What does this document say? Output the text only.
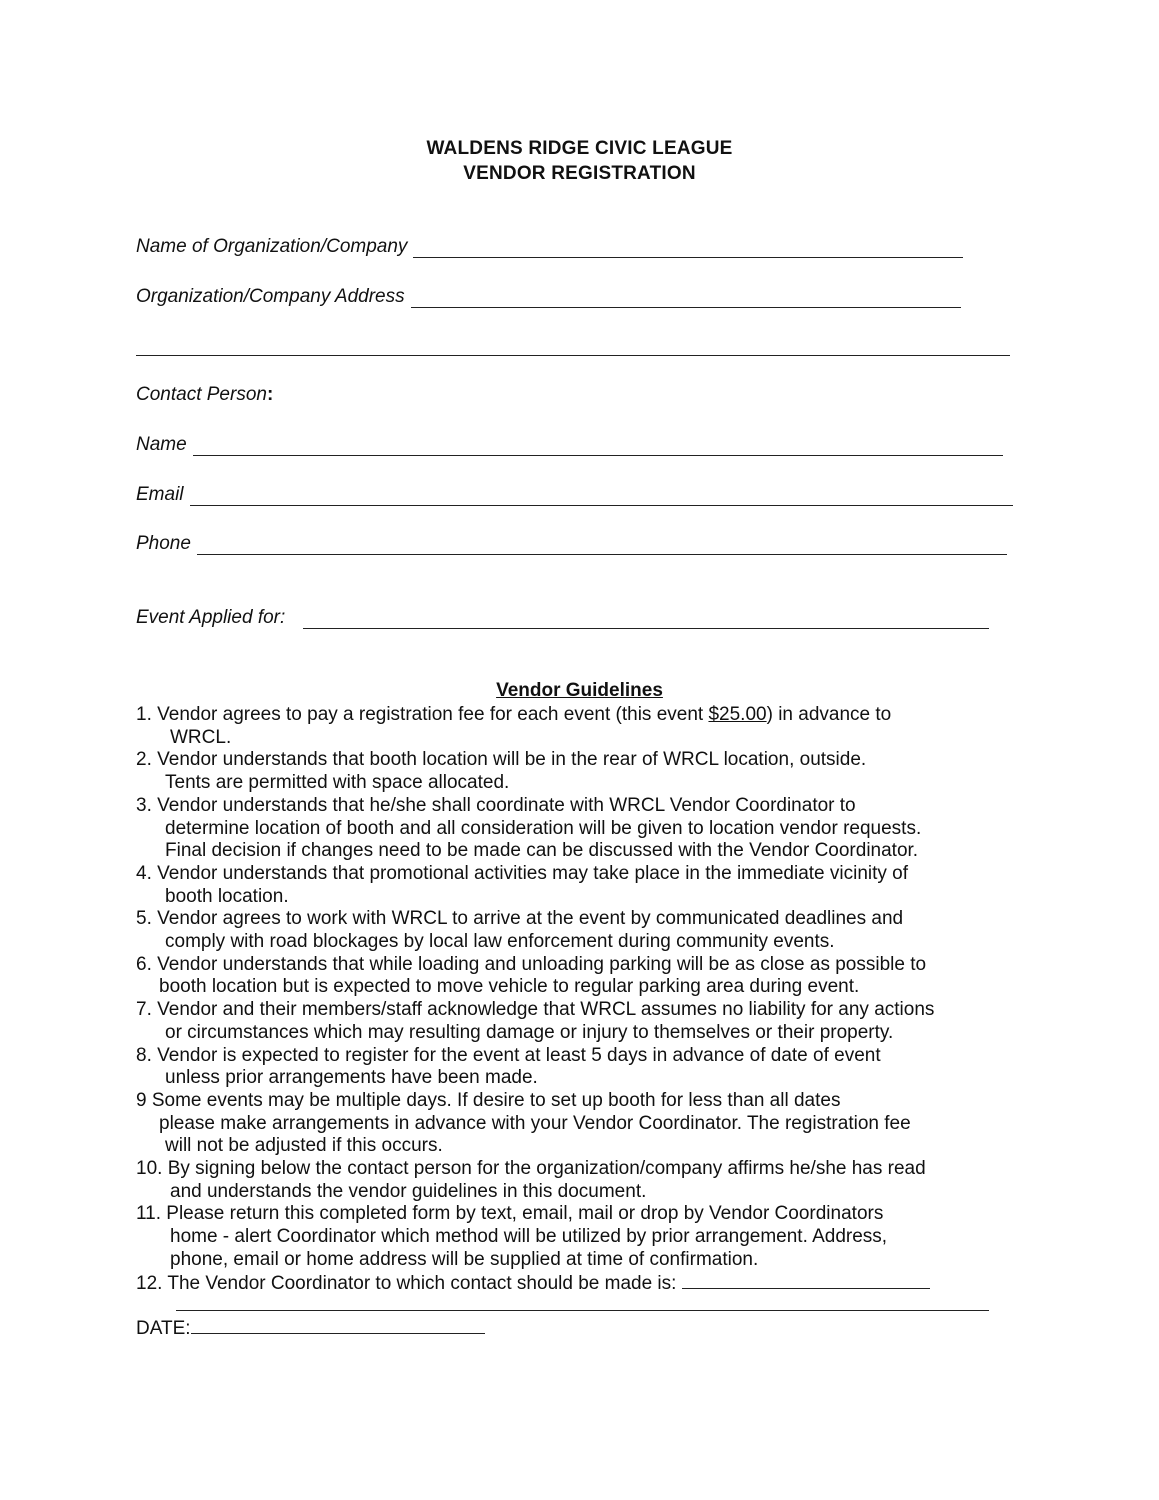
WALDENS RIDGE CIVIC LEAGUE
VENDOR REGISTRATION
Name of Organization/Company
Organization/Company Address
Contact Person :
Name
Email
Phone
Event Applied for:
Vendor Guidelines
1. Vendor agrees to pay a registration fee for each event (this event $25.00) in advance to
WRCL.
2. Vendor understands that booth location will be in the rear of WRCL location, outside.
Tents are permitted with space allocated.
3. Vendor understands that he/she shall coordinate with WRCL Vendor Coordinator to
determine location of booth and all consideration will be given to location vendor requests.
Final decision if changes need to be made can be discussed with the Vendor Coordinator.
4. Vendor understands that promotional activities may take place in the immediate vicinity of
booth location.
5. Vendor agrees to work with WRCL to arrive at the event by communicated deadlines and
comply with road blockages by local law enforcement during community events.
6. Vendor understands that while loading and unloading parking will be as close as possible to
booth location but is expected to move vehicle to regular parking area during event.
7. Vendor and their members/staff acknowledge that WRCL assumes no liability for any actions
or circumstances which may resulting damage or injury to themselves or their property.
8. Vendor is expected to register for the event at least 5 days in advance of date of event
unless prior arrangements have been made.
9 Some events may be multiple days. If desire to set up booth for less than all dates
please make arrangements in advance with your Vendor Coordinator. The registration fee
will not be adjusted if this occurs.
10. By signing below the contact person for the organization/company affirms he/she has read
and understands the vendor guidelines in this document.
11. Please return this completed form by text, email, mail or drop by Vendor Coordinators
home - alert Coordinator which method will be utilized by prior arrangement. Address,
phone, email or home address will be supplied at time of confirmation.
12. The Vendor Coordinator to which contact should be made is:
DATE:
